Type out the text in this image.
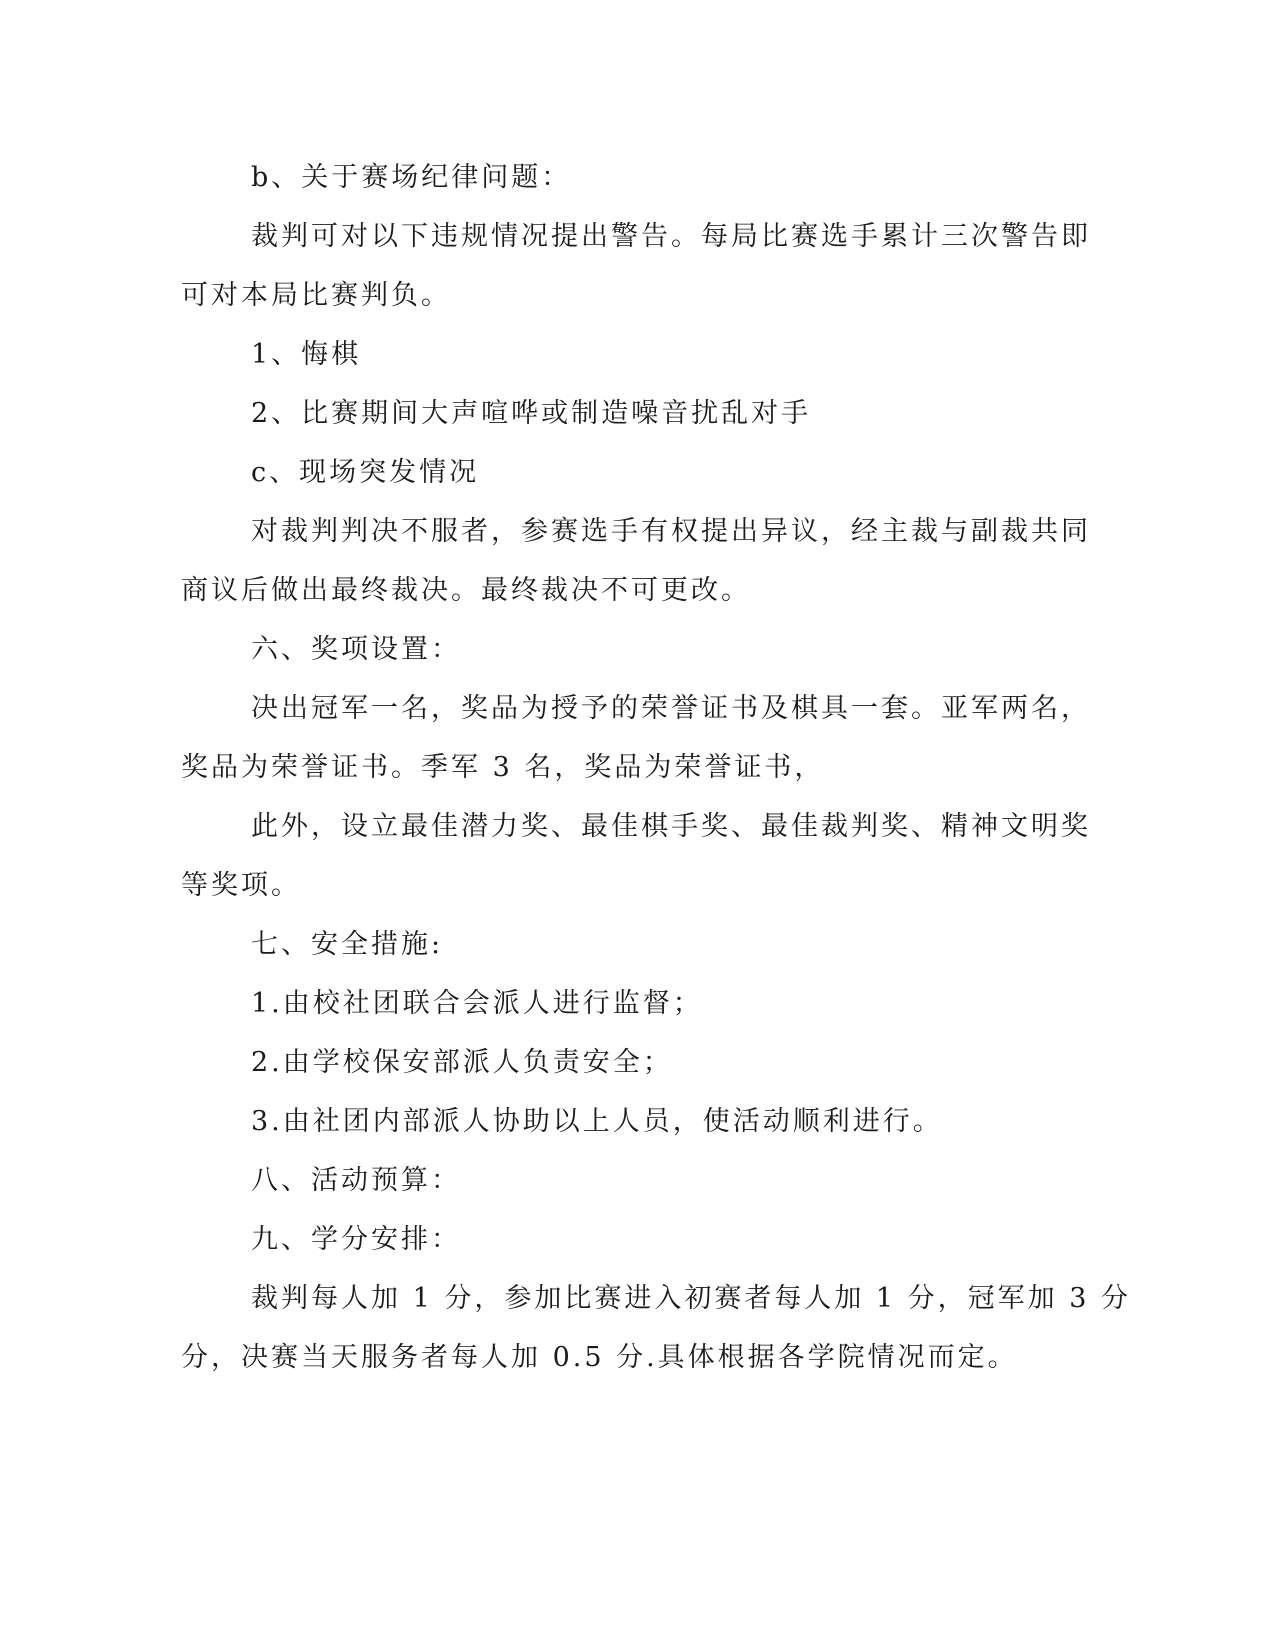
b、关于赛场纪律问题：

裁判可对以下违规情况提出警告。每局比赛选手累计三次警告即

可对本局比赛判负。

1、悔棋

2、比赛期间大声喧哗或制造噪音扰乱对手

c、现场突发情况

对裁判判决不服者，参赛选手有权提出异议，经主裁与副裁共同

商议后做出最终裁决。最终裁决不可更改。

六、奖项设置：

决出冠军一名，奖品为授予的荣誉证书及棋具一套。亚军两名，

奖品为荣誉证书。季军 3 名，奖品为荣誉证书，

此外，设立最佳潜力奖、最佳棋手奖、最佳裁判奖、精神文明奖

等奖项。

七、安全措施:

1.由校社团联合会派人进行监督；

2.由学校保安部派人负责安全；

3.由社团内部派人协助以上人员，使活动顺利进行。

八、活动预算：

九、学分安排：

裁判每人加 1 分，参加比赛进入初赛者每人加 1 分，冠军加 3 分

分，决赛当天服务者每人加 0.5 分.具体根据各学院情况而定。
